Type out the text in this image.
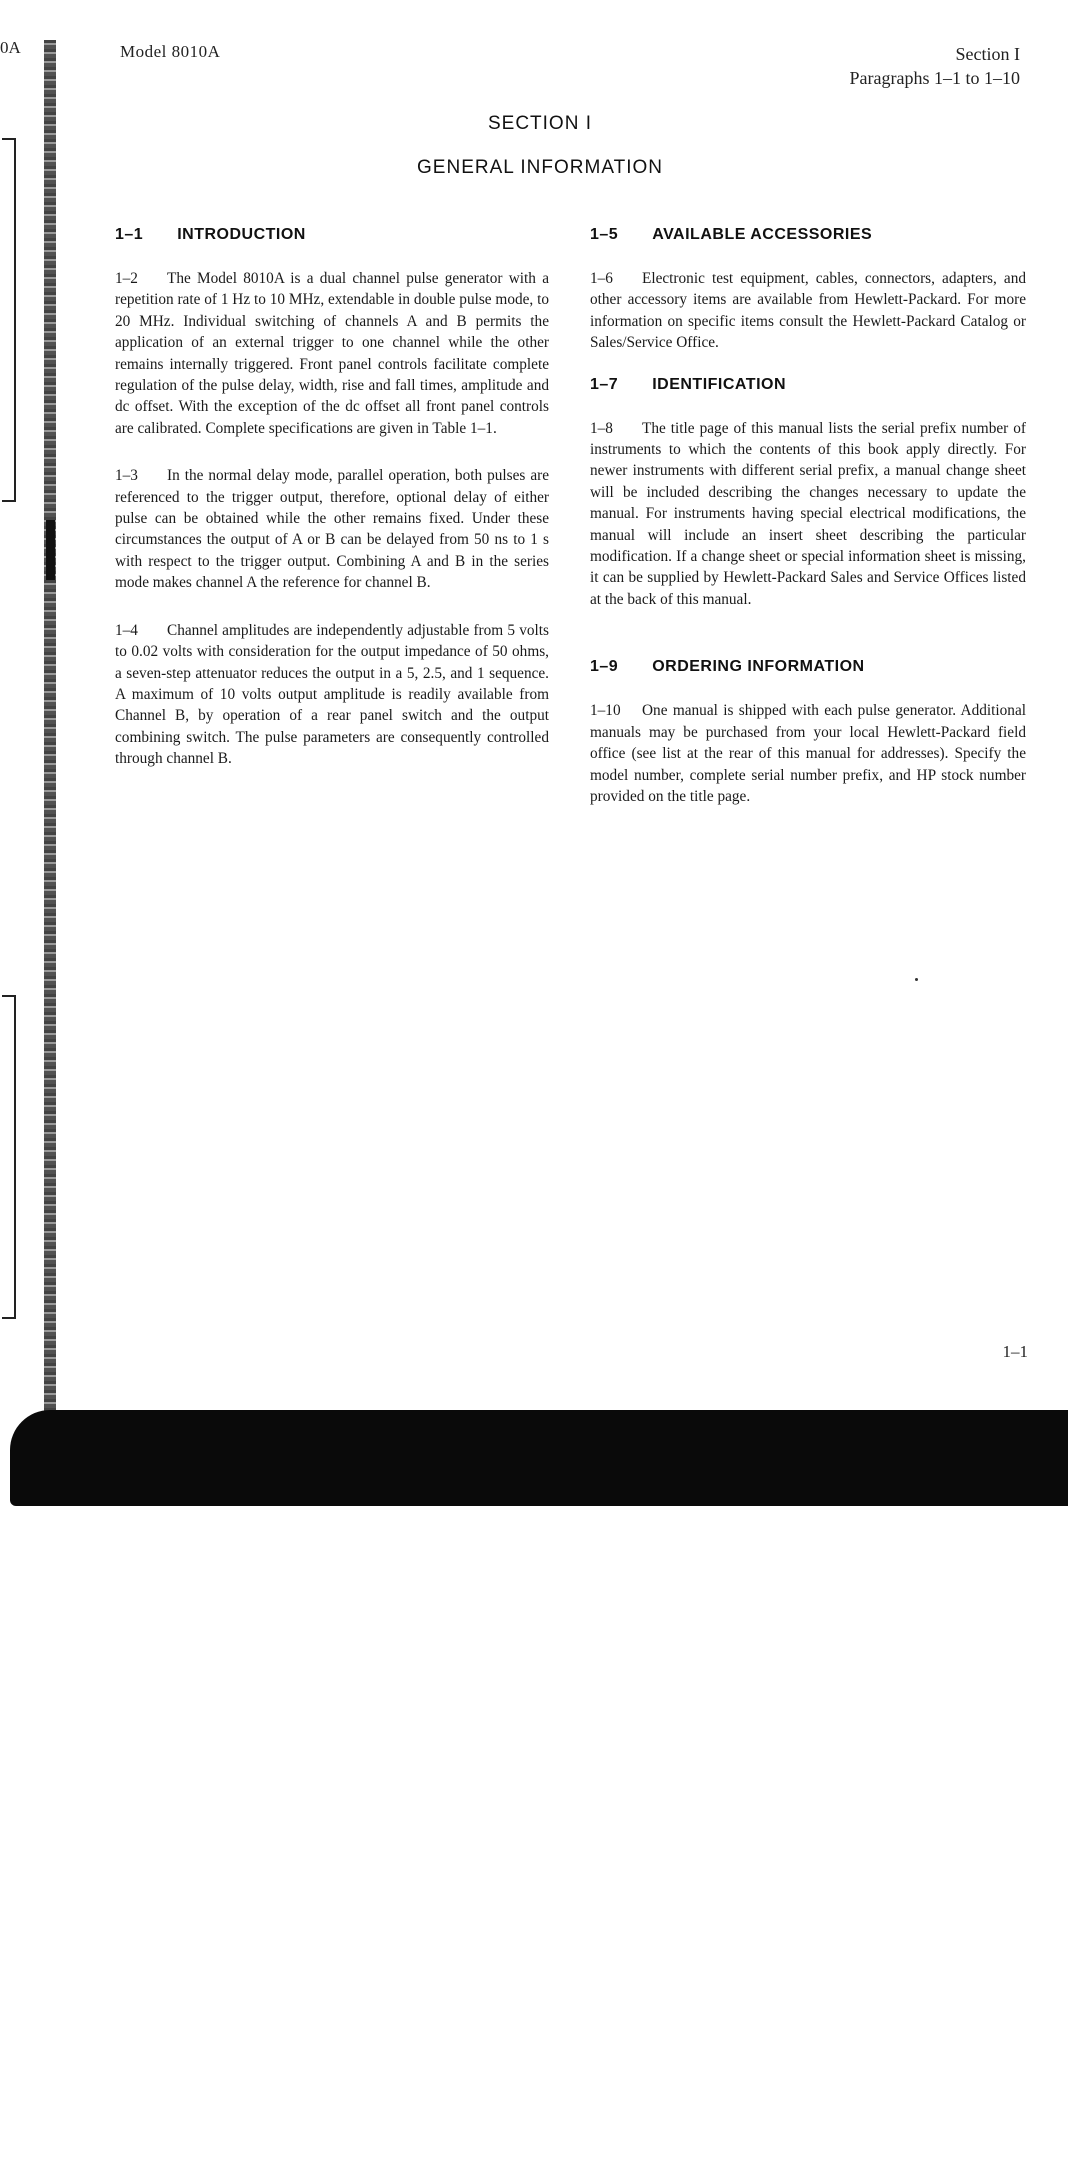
0A	Model 8010A	Section I
Paragraphs 1–1 to 1–10
SECTION I
GENERAL INFORMATION
1–1 INTRODUCTION

1–2 The Model 8010A is a dual channel pulse generator with a repetition rate of 1 Hz to 10 MHz, extendable in double pulse mode, to 20 MHz. Individual switching of channels A and B permits the application of an external trigger to one channel while the other remains internally triggered. Front panel controls facilitate complete regulation of the pulse delay, width, rise and fall times, amplitude and dc offset. With the exception of the dc offset all front panel controls are calibrated. Complete specifications are given in Table 1–1.

1–3 In the normal delay mode, parallel operation, both pulses are referenced to the trigger output, therefore, optional delay of either pulse can be obtained while the other remains fixed. Under these circumstances the output of A or B can be delayed from 50 ns to 1 s with respect to the trigger output. Combining A and B in the series mode makes channel A the reference for channel B.

1–4 Channel amplitudes are independently adjustable from 5 volts to 0.02 volts with consideration for the output impedance of 50 ohms, a seven-step attenuator reduces the output in a 5, 2.5, and 1 sequence. A maximum of 10 volts output amplitude is readily available from Channel B, by operation of a rear panel switch and the output combining switch. The pulse parameters are consequently controlled through channel B.

1–5 AVAILABLE ACCESSORIES

1–6 Electronic test equipment, cables, connectors, adapters, and other accessory items are available from Hewlett-Packard. For more information on specific items consult the Hewlett-Packard Catalog or Sales/Service Office.

1–7 IDENTIFICATION

1–8 The title page of this manual lists the serial prefix number of instruments to which the contents of this book apply directly. For newer instruments with different serial prefix, a manual change sheet will be included describing the changes necessary to update the manual. For instruments having special electrical modifications, the manual will include an insert sheet describing the particular modification. If a change sheet or special information sheet is missing, it can be supplied by Hewlett-Packard Sales and Service Offices listed at the back of this manual.

1–9 ORDERING INFORMATION

1–10 One manual is shipped with each pulse generator. Additional manuals may be purchased from your local Hewlett-Packard field office (see list at the rear of this manual for addresses). Specify the model number, complete serial number prefix, and HP stock number provided on the title page.

1–1
